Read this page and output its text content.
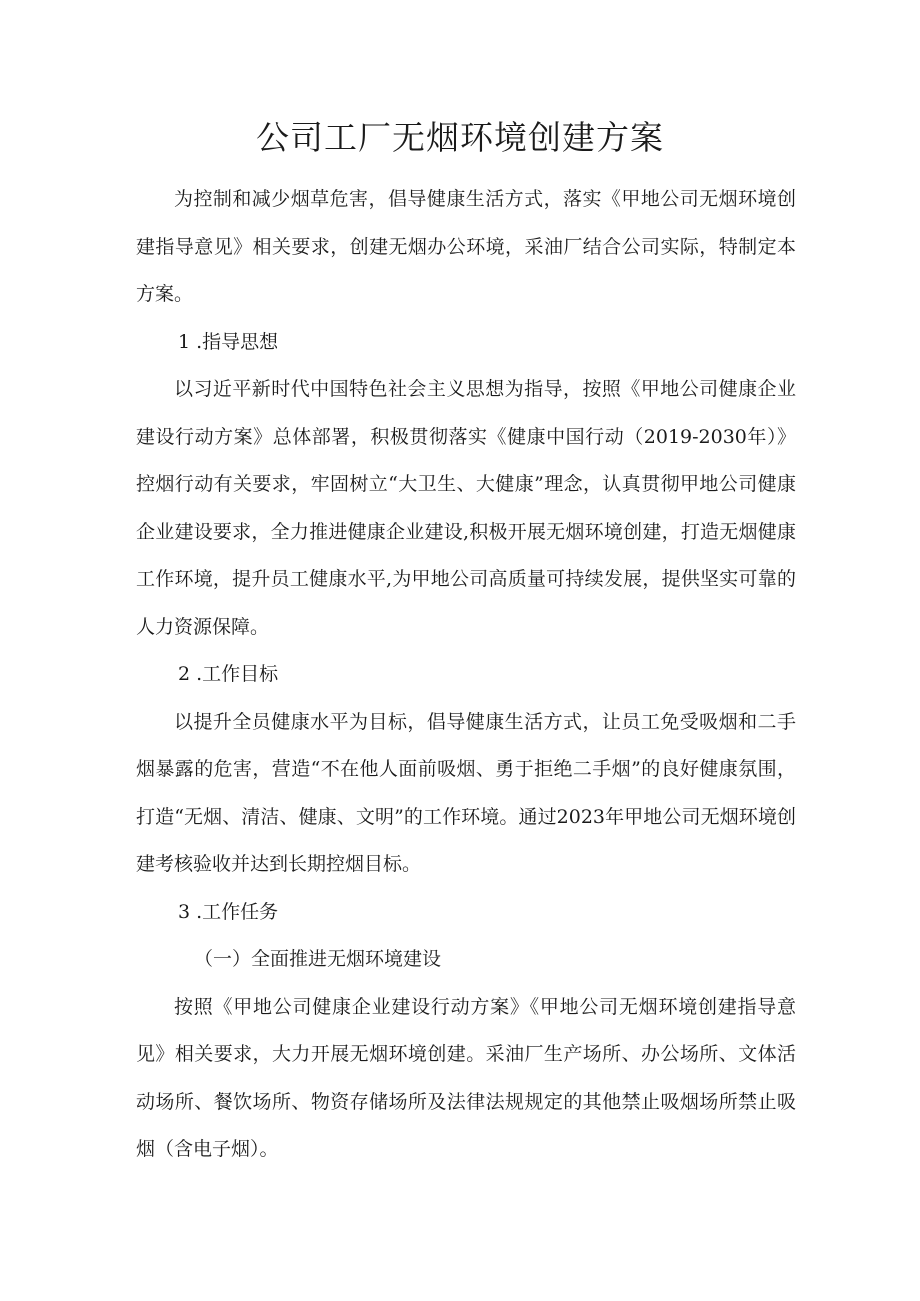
公司工厂无烟环境创建方案

为控制和减少烟草危害，倡导健康生活方式，落实《甲地公司无烟环境创建指导意见》相关要求，创建无烟办公环境，采油厂结合公司实际，特制定本方案。

1 .指导思想

以习近平新时代中国特色社会主义思想为指导，按照《甲地公司健康企业建设行动方案》总体部署，积极贯彻落实《健康中国行动（2019-2030年）》控烟行动有关要求，牢固树立“大卫生、大健康”理念，认真贯彻甲地公司健康企业建设要求，全力推进健康企业建设,积极开展无烟环境创建，打造无烟健康工作环境，提升员工健康水平,为甲地公司高质量可持续发展，提供坚实可靠的人力资源保障。

2 .工作目标

以提升全员健康水平为目标，倡导健康生活方式，让员工免受吸烟和二手烟暴露的危害，营造“不在他人面前吸烟、勇于拒绝二手烟”的良好健康氛围，打造“无烟、清洁、健康、文明”的工作环境。通过2023年甲地公司无烟环境创建考核验收并达到长期控烟目标。

3 .工作任务

（一）全面推进无烟环境建设

按照《甲地公司健康企业建设行动方案》《甲地公司无烟环境创建指导意见》相关要求，大力开展无烟环境创建。采油厂生产场所、办公场所、文体活动场所、餐饮场所、物资存储场所及法律法规规定的其他禁止吸烟场所禁止吸烟（含电子烟）。
